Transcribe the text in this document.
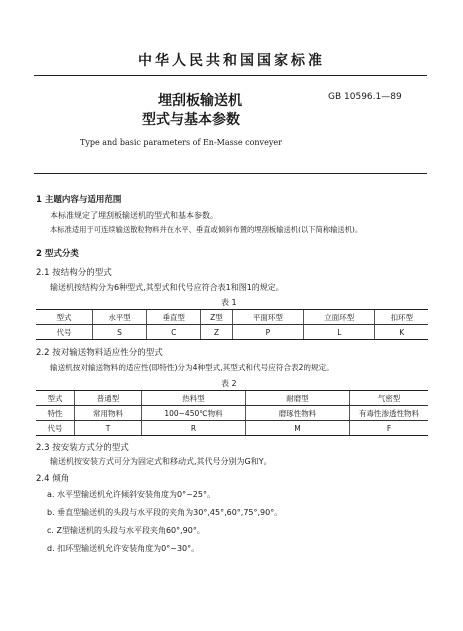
中华人民共和国国家标准
埋刮板输送机
型式与基本参数
GB 10596.1—89
Type and basic parameters of En-Masse conveyer
1 主题内容与适用范围
本标准规定了埋刮板输送机的型式和基本参数。
本标准适用于可连续输送散粒物料并在水平、垂直或倾斜布置的埋刮板输送机(以下简称输送机)。
2 型式分类
2.1 按结构分的型式
输送机按结构分为6种型式,其型式和代号应符合表1和图1的规定。
表 1
型式	水平型	垂直型	Z型	平面环型	立面环型	扣环型
代号	S	C	Z	P	L	K
2.2 按对输送物料适应性分的型式
输送机按对输送物料的适应性(即特性)分为4种型式,其型式和代号应符合表2的规定。
表 2
型式	普通型	热料型	耐磨型	气密型
特性	常用物料	100~450℃物料	磨琢性物料	有毒性渗透性物料
代号	T	R	M	F
2.3 按安装方式分的型式
输送机按安装方式可分为固定式和移动式,其代号分别为G和Y。
2.4 倾角
a. 水平型输送机允许倾斜安装角度为0°~25°。
b. 垂直型输送机的头段与水平段的夹角为30°,45°,60°,75°,90°。
c. Z型输送机的头段与水平段夹角60°,90°。
d. 扣环型输送机允许安装角度为0°~30°。
